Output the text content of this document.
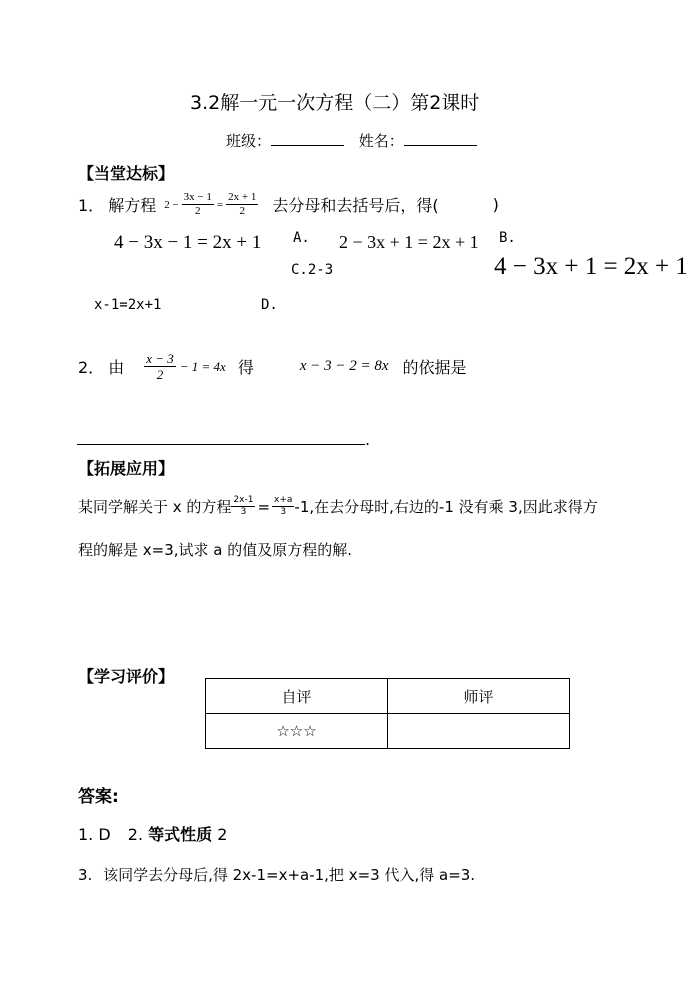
3.2解一元一次方程（二）第2课时
班级：	姓名：
【当堂达标】
1． 解方程 $2 - \frac{3x - 1}{2} = \frac{2x + 1}{2}$ 去分母和去括号后，得(	)
4 − 3x − 1 = 2x + 1 A. 2 − 3x + 1 = 2x + 1 B.
4 − 3x + 1 = 2x + 1
C.2-3
x-1=2x+1	D.
2． 由 $\frac{x - 3}{2} - 1 = 4x$ 得	x − 3 − 2 = 8x 的依据是
.
【拓展应用】
某同学解关于 x 的方程 $\frac{2x-1}{3} = \frac{x+a}{3} -1$,在去分母时,右边的-1 没有乘 3,因此求得方
程的解是 x=3,试求 a 的值及原方程的解.
【学习评价】
自评	师评
☆☆☆	
答案:
1. D 2. 等式性质 2
3. 该同学去分母后,得 2x-1=x+a-1,把 x=3 代入,得 a=3.
